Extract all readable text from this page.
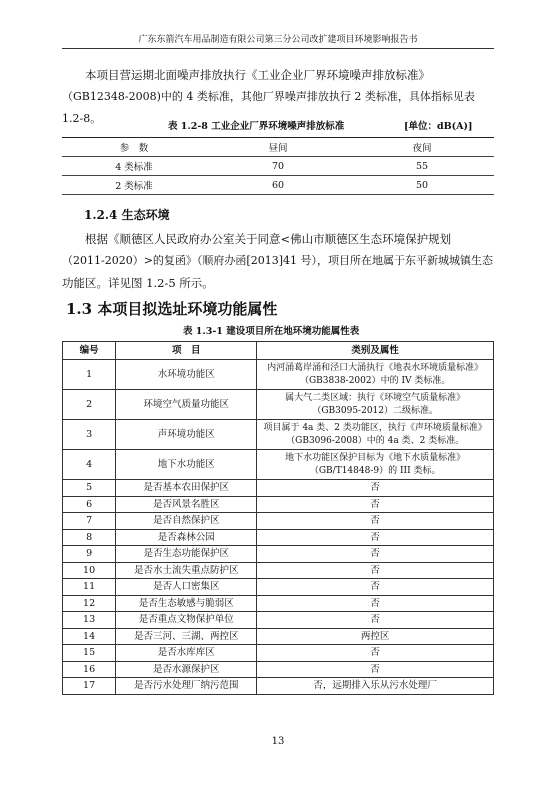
广东东箭汽车用品制造有限公司第三分公司改扩建项目环境影响报告书

本项目营运期北面噪声排放执行《工业企业厂界环境噪声排放标准》

（GB12348-2008)中的 4 类标准，其他厂界噪声排放执行 2 类标准，具体指标见表 1.2-8。

表 1.2-8 工业企业厂界环境噪声排放标准	[单位：dB(A)]
参　数	昼间	夜间
4 类标准	70	55
2 类标准	60	50
1.2.4 生态环境

根据《顺德区人民政府办公室关于同意<佛山市顺德区生态环境保护规划

（2011-2020）>的复函》（顺府办函[2013]41 号），项目所在地属于东平新城城镇生态

功能区。详见图 1.2-5 所示。

1.3 本项目拟选址环境功能属性
表 1.3-1 建设项目所在地环境功能属性表
编号	项　目	类别及属性
1	水环境功能区	内河涌葛岸涌和泾口大涌执行《地表水环境质量标准》
（GB3838-2002）中的 IV 类标准。

2	环境空气质量功能区	属大气二类区域：执行《环境空气质量标准》
（GB3095-2012）二级标准。

3	声环境功能区	项目属于 4a 类、2 类功能区，执行《声环境质量标准》
（GB3096-2008）中的 4a 类、2 类标准。

4	地下水功能区	地下水功能区保护目标为《地下水质量标准》
（GB/T14848-9）的 III 类标。

5	是否基本农田保护区	否
6	是否风景名胜区	否
7	是否自然保护区	否
8	是否森林公园	否
9	是否生态功能保护区	否
10	是否水土流失重点防护区	否
11	是否人口密集区	否
12	是否生态敏感与脆弱区	否
13	是否重点文物保护单位	否
14	是否三河、三湖、两控区	两控区
15	是否水库库区	否
16	是否水源保护区	否
17	是否污水处理厂纳污范围	否，远期排入乐从污水处理厂
13
